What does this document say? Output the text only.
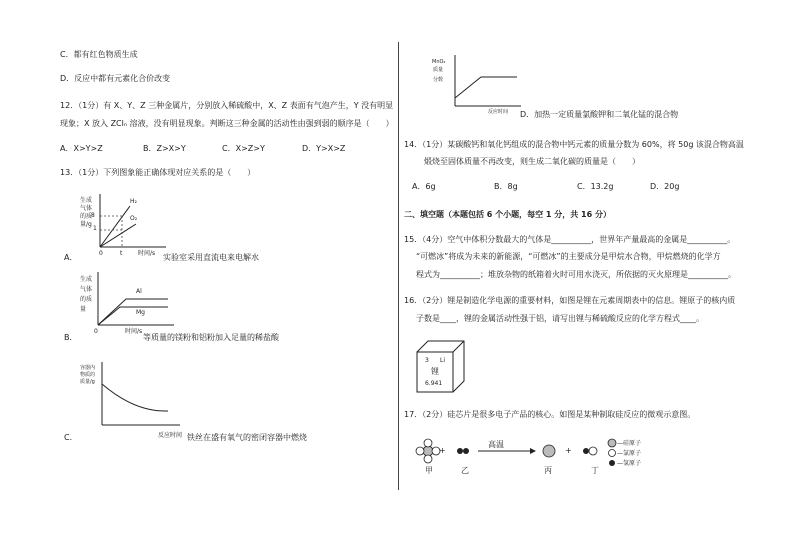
C．都有红色物质生成
D．反应中都有元素化合价改变
12．（1分）有 X、Y、Z 三种金属片，分别放入稀硫酸中，X、Z 表面有气泡产生，Y 没有明显
现象；X 放入 ZClₙ 溶液，没有明显现象。判断这三种金属的活动性由强到弱的顺序是（　　）
A．X>Y>Z	B．Z>X>Y	C．X>Z>Y	D．Y>X>Z
13．（1分）下列图象能正确体现对应关系的是（　　）
生成
气体
的质
量/g
8
1
H₂
O₂
0	t	时间/s
A．	实验室采用直流电来电解水
生成
气体
的质
量
Al
Mg
0	时间/s
B．	等质量的镁粉和铝粉加入足量的稀盐酸
容器内
物质的
质量/g
反应时间
C．	铁丝在盛有氧气的密闭容器中燃烧
MnO₂
质量
分数
反应时间 D．加热一定质量氯酸钾和二氧化锰的混合物
14．（1分）某碳酸钙和氧化钙组成的混合物中钙元素的质量分数为 60%，将 50g 该混合物高温
煅烧至固体质量不再改变，则生成二氧化碳的质量是（　　）
A．6g	B．8g	C．13.2g	D．20g
二、填空题（本题包括 6 个小题，每空 1 分，共 16 分）
15．（4分）空气中体积分数最大的气体是__________，世界年产量最高的金属是__________。
“可燃冰”将成为未来的新能源，“可燃冰”的主要成分是甲烷水合物，甲烷燃烧的化学方
程式为__________；堆放杂物的纸箱着火时可用水浇灭，所依据的灭火原理是__________。
16．（2分）锂是制造化学电源的重要材料，如图是锂在元素周期表中的信息。锂原子的核内质
子数是____，锂的金属活动性强于铝，请写出锂与稀硫酸反应的化学方程式____。
3 Li
锂
6.941
17．（2分）硅芯片是很多电子产品的核心。如图是某种制取硅反应的微观示意图。
+	+
高温
甲	乙	丙	丁
—硅原子
—氯原子
—氢原子
